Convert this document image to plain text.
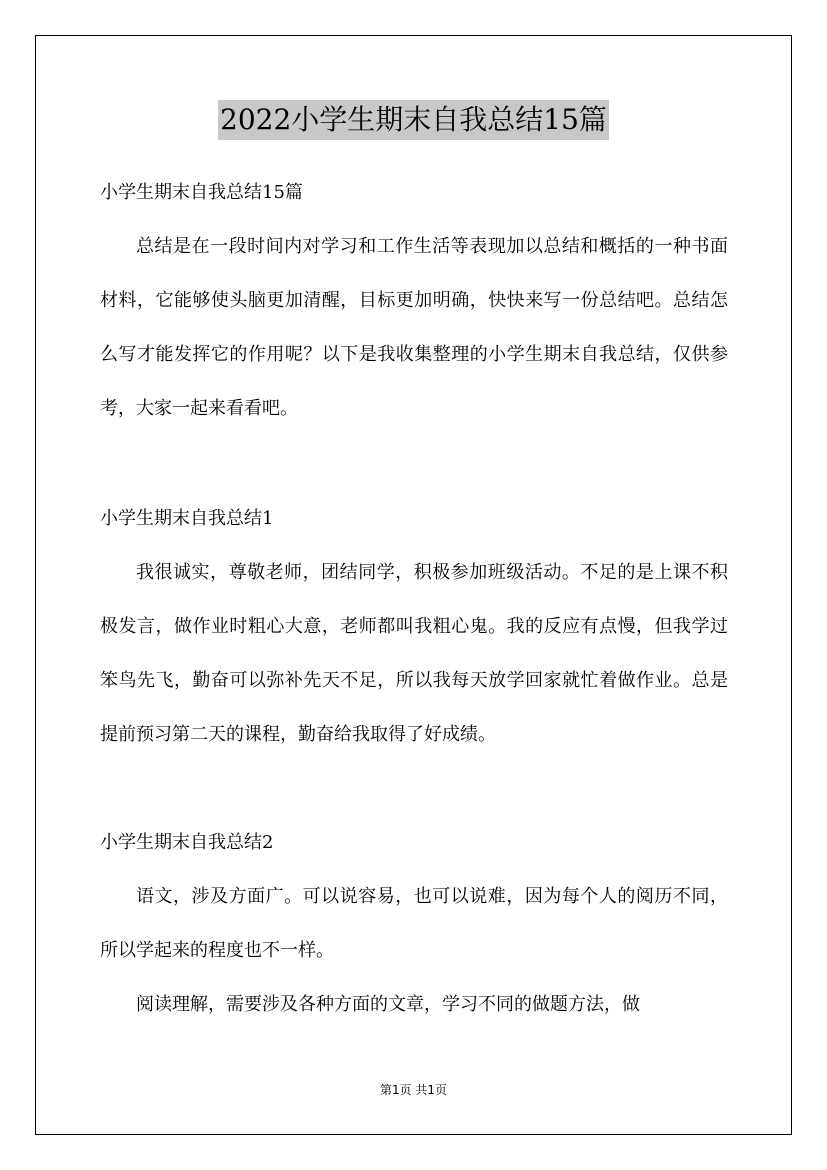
2022小学生期末自我总结15篇

小学生期末自我总结15篇

总结是在一段时间内对学习和工作生活等表现加以总结和概括的一种书面材料，它能够使头脑更加清醒，目标更加明确，快快来写一份总结吧。总结怎么写才能发挥它的作用呢？以下是我收集整理的小学生期末自我总结，仅供参考，大家一起来看看吧。

小学生期末自我总结1

我很诚实，尊敬老师，团结同学，积极参加班级活动。不足的是上课不积极发言，做作业时粗心大意，老师都叫我粗心鬼。我的反应有点慢，但我学过笨鸟先飞，勤奋可以弥补先天不足，所以我每天放学回家就忙着做作业。总是提前预习第二天的课程，勤奋给我取得了好成绩。

小学生期末自我总结2

语文，涉及方面广。可以说容易，也可以说难，因为每个人的阅历不同，所以学起来的程度也不一样。

阅读理解，需要涉及各种方面的文章，学习不同的做题方法，做

第1页 共1页
